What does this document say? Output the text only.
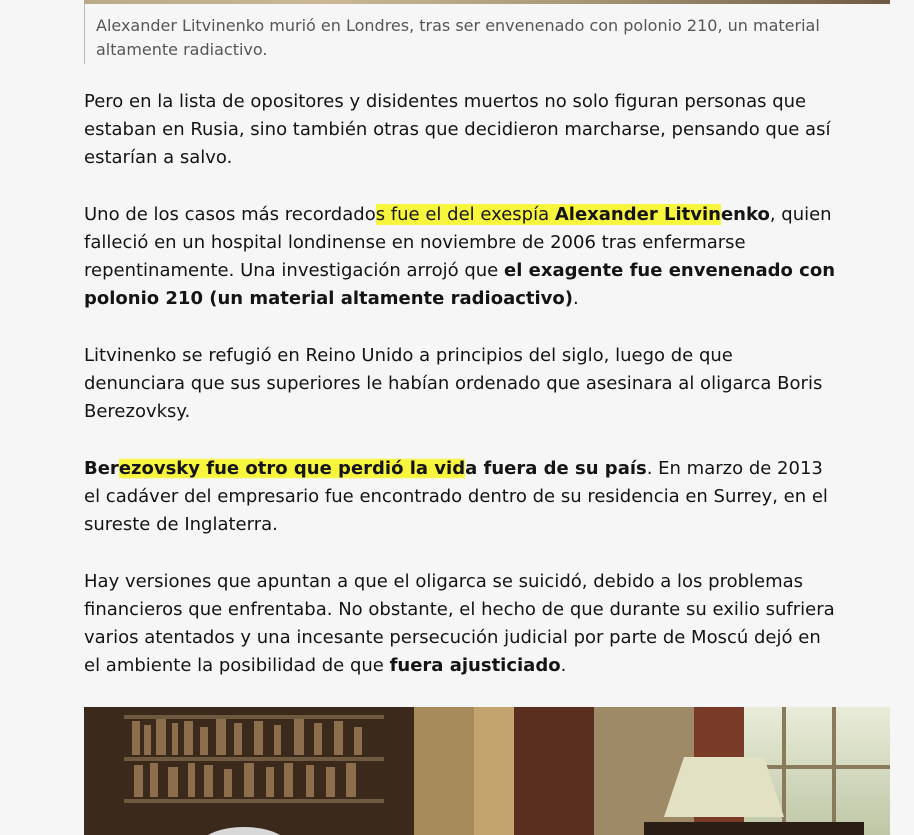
Alexander Litvinenko murió en Londres, tras ser envenenado con polonio 210, un material altamente radiactivo.

Pero en la lista de opositores y disidentes muertos no solo figuran personas que estaban en Rusia, sino también otras que decidieron marcharse, pensando que así estarían a salvo.

Uno de los casos más recordados fue el del exespía Alexander Litvinenko, quien falleció en un hospital londinense en noviembre de 2006 tras enfermarse repentinamente. Una investigación arrojó que el exagente fue envenenado con polonio 210 (un material altamente radioactivo).

Litvinenko se refugió en Reino Unido a principios del siglo, luego de que denunciara que sus superiores le habían ordenado que asesinara al oligarca Boris Berezovksy.

Berezovsky fue otro que perdió la vida fuera de su país. En marzo de 2013 el cadáver del empresario fue encontrado dentro de su residencia en Surrey, en el sureste de Inglaterra.

Hay versiones que apuntan a que el oligarca se suicidó, debido a los problemas financieros que enfrentaba. No obstante, el hecho de que durante su exilio sufriera varios atentados y una incesante persecución judicial por parte de Moscú dejó en el ambiente la posibilidad de que fuera ajusticiado.
